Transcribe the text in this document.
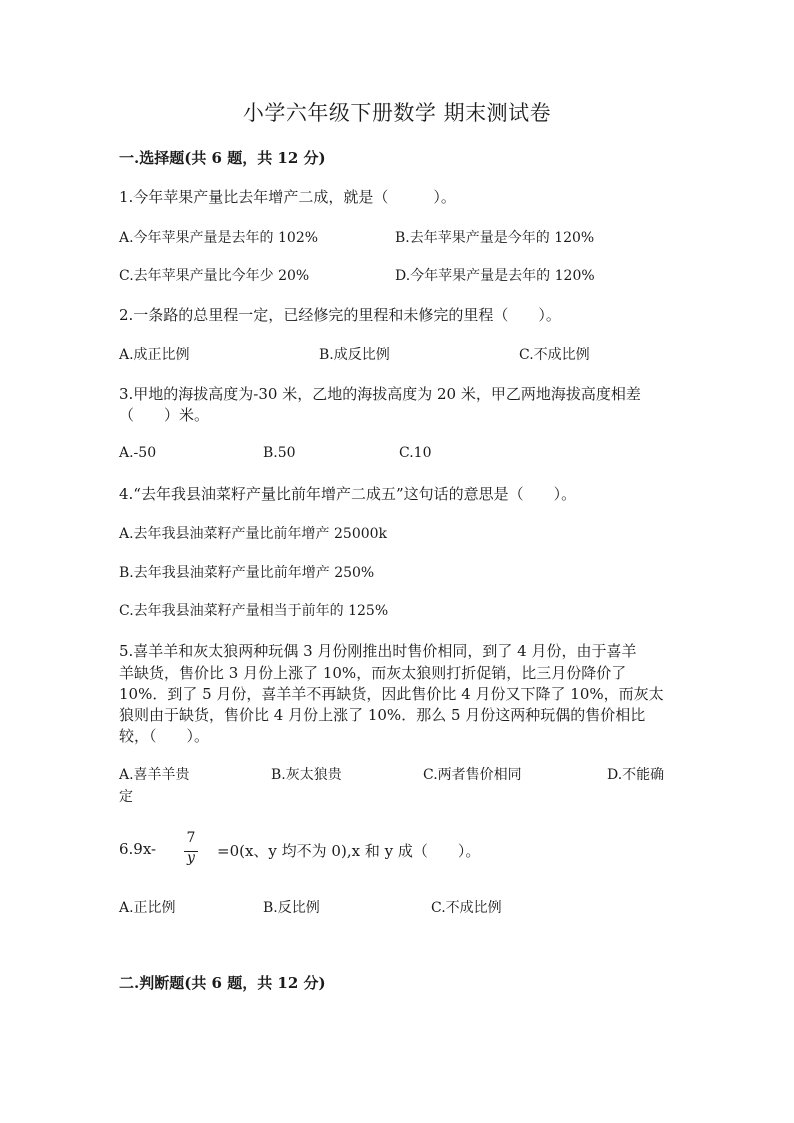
小学六年级下册数学 期末测试卷
一.选择题(共 6 题，共 12 分)
1.今年苹果产量比去年增产二成，就是（　　　）。
A.今年苹果产量是去年的 102%	B.去年苹果产量是今年的 120%
C.去年苹果产量比今年少 20%	D.今年苹果产量是去年的 120%
2.一条路的总里程一定，已经修完的里程和未修完的里程（　　）。
A.成正比例	B.成反比例	C.不成比例
3.甲地的海拔高度为-30 米，乙地的海拔高度为 20 米，甲乙两地海拔高度相差
（　　）米。
A.-50	B.50	C.10
4.“去年我县油菜籽产量比前年增产二成五”这句话的意思是（　　）。
A.去年我县油菜籽产量比前年增产 25000k
B.去年我县油菜籽产量比前年增产 250%
C.去年我县油菜籽产量相当于前年的 125%
5.喜羊羊和灰太狼两种玩偶 3 月份刚推出时售价相同，到了 4 月份，由于喜羊
羊缺货，售价比 3 月份上涨了 10%，而灰太狼则打折促销，比三月份降价了
10%．到了 5 月份，喜羊羊不再缺货，因此售价比 4 月份又下降了 10%，而灰太
狼则由于缺货，售价比 4 月份上涨了 10%．那么 5 月份这两种玩偶的售价相比
较，（　　）。
A.喜羊羊贵	B.灰太狼贵	C.两者售价相同	D.不能确
定
6.9x-
7
y =0(x、y 均不为 0),x 和 y 成（　　）。
A.正比例	B.反比例	C.不成比例
二.判断题(共 6 题，共 12 分)
